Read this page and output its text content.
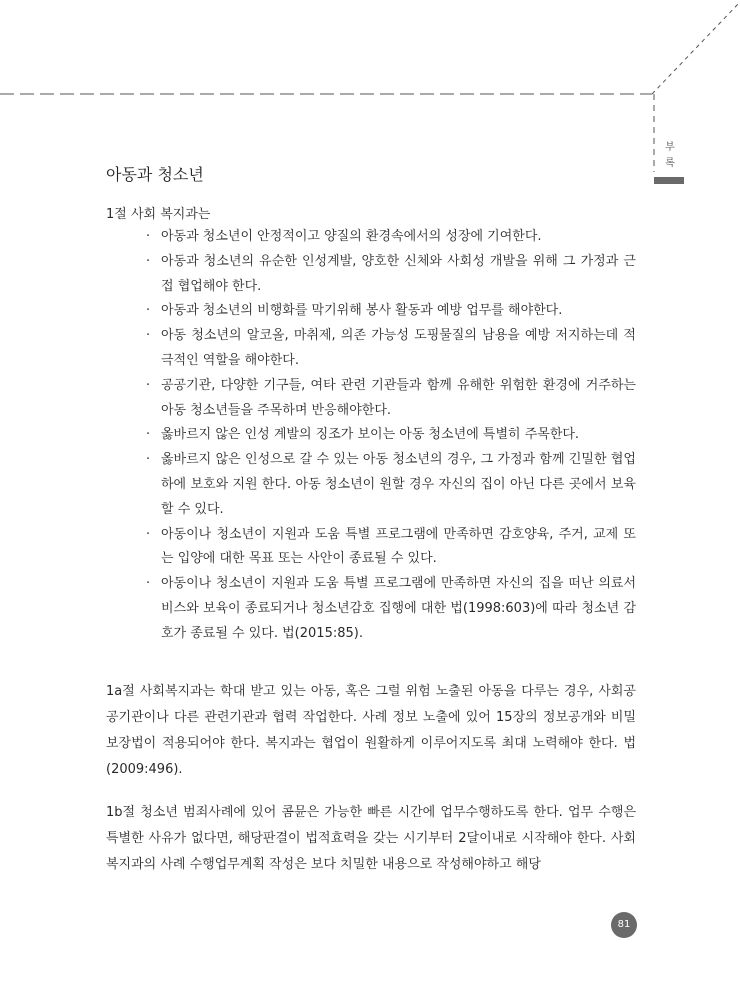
부
록
아동과 청소년
1절 사회 복지과는
· 아동과 청소년이 안정적이고 양질의 환경속에서의 성장에 기여한다.
· 아동과 청소년의 유순한 인성계발, 양호한 신체와 사회성 개발을 위해 그 가정과 근접 협업해야 한다.
· 아동과 청소년의 비행화를 막기위해 봉사 활동과 예방 업무를 해야한다.
· 아동 청소년의 알코올, 마취제, 의존 가능성 도핑물질의 남용을 예방 저지하는데 적극적인 역할을 해야한다.
· 공공기관, 다양한 기구들, 여타 관련 기관들과 함께 유해한 위험한 환경에 거주하는 아동 청소년들을 주목하며 반응해야한다.
· 옳바르지 않은 인성 계발의 징조가 보이는 아동 청소년에 특별히 주목한다.
· 옳바르지 않은 인성으로 갈 수 있는 아동 청소년의 경우, 그 가정과 함께 긴밀한 협업하에 보호와 지원 한다. 아동 청소년이 원할 경우 자신의 집이 아닌 다른 곳에서 보육할 수 있다.
· 아동이나 청소년이 지원과 도움 특별 프로그램에 만족하면 감호양육, 주거, 교제 또는 입양에 대한 목표 또는 사안이 종료될 수 있다.
· 아동이나 청소년이 지원과 도움 특별 프로그램에 만족하면 자신의 집을 떠난 의료서비스와 보육이 종료되거나 청소년감호 집행에 대한 법(1998:603)에 따라 청소년 감호가 종료될 수 있다. 법(2015:85).

1a절 사회복지과는 학대 받고 있는 아동, 혹은 그럴 위험 노출된 아동을 다루는 경우, 사회공공기관이나 다른 관련기관과 협력 작업한다. 사례 정보 노출에 있어 15장의 정보공개와 비밀보장법이 적용되어야 한다. 복지과는 협업이 원활하게 이루어지도록 최대 노력해야 한다. 법(2009:496).

1b절 청소년 범죄사례에 있어 콤뮨은 가능한 빠른 시간에 업무수행하도록 한다. 업무 수행은 특별한 사유가 없다면, 해당판결이 법적효력을 갖는 시기부터 2달이내로 시작해야 한다. 사회복지과의 사례 수행업무계획 작성은 보다 치밀한 내용으로 작성해야하고 해당

81
